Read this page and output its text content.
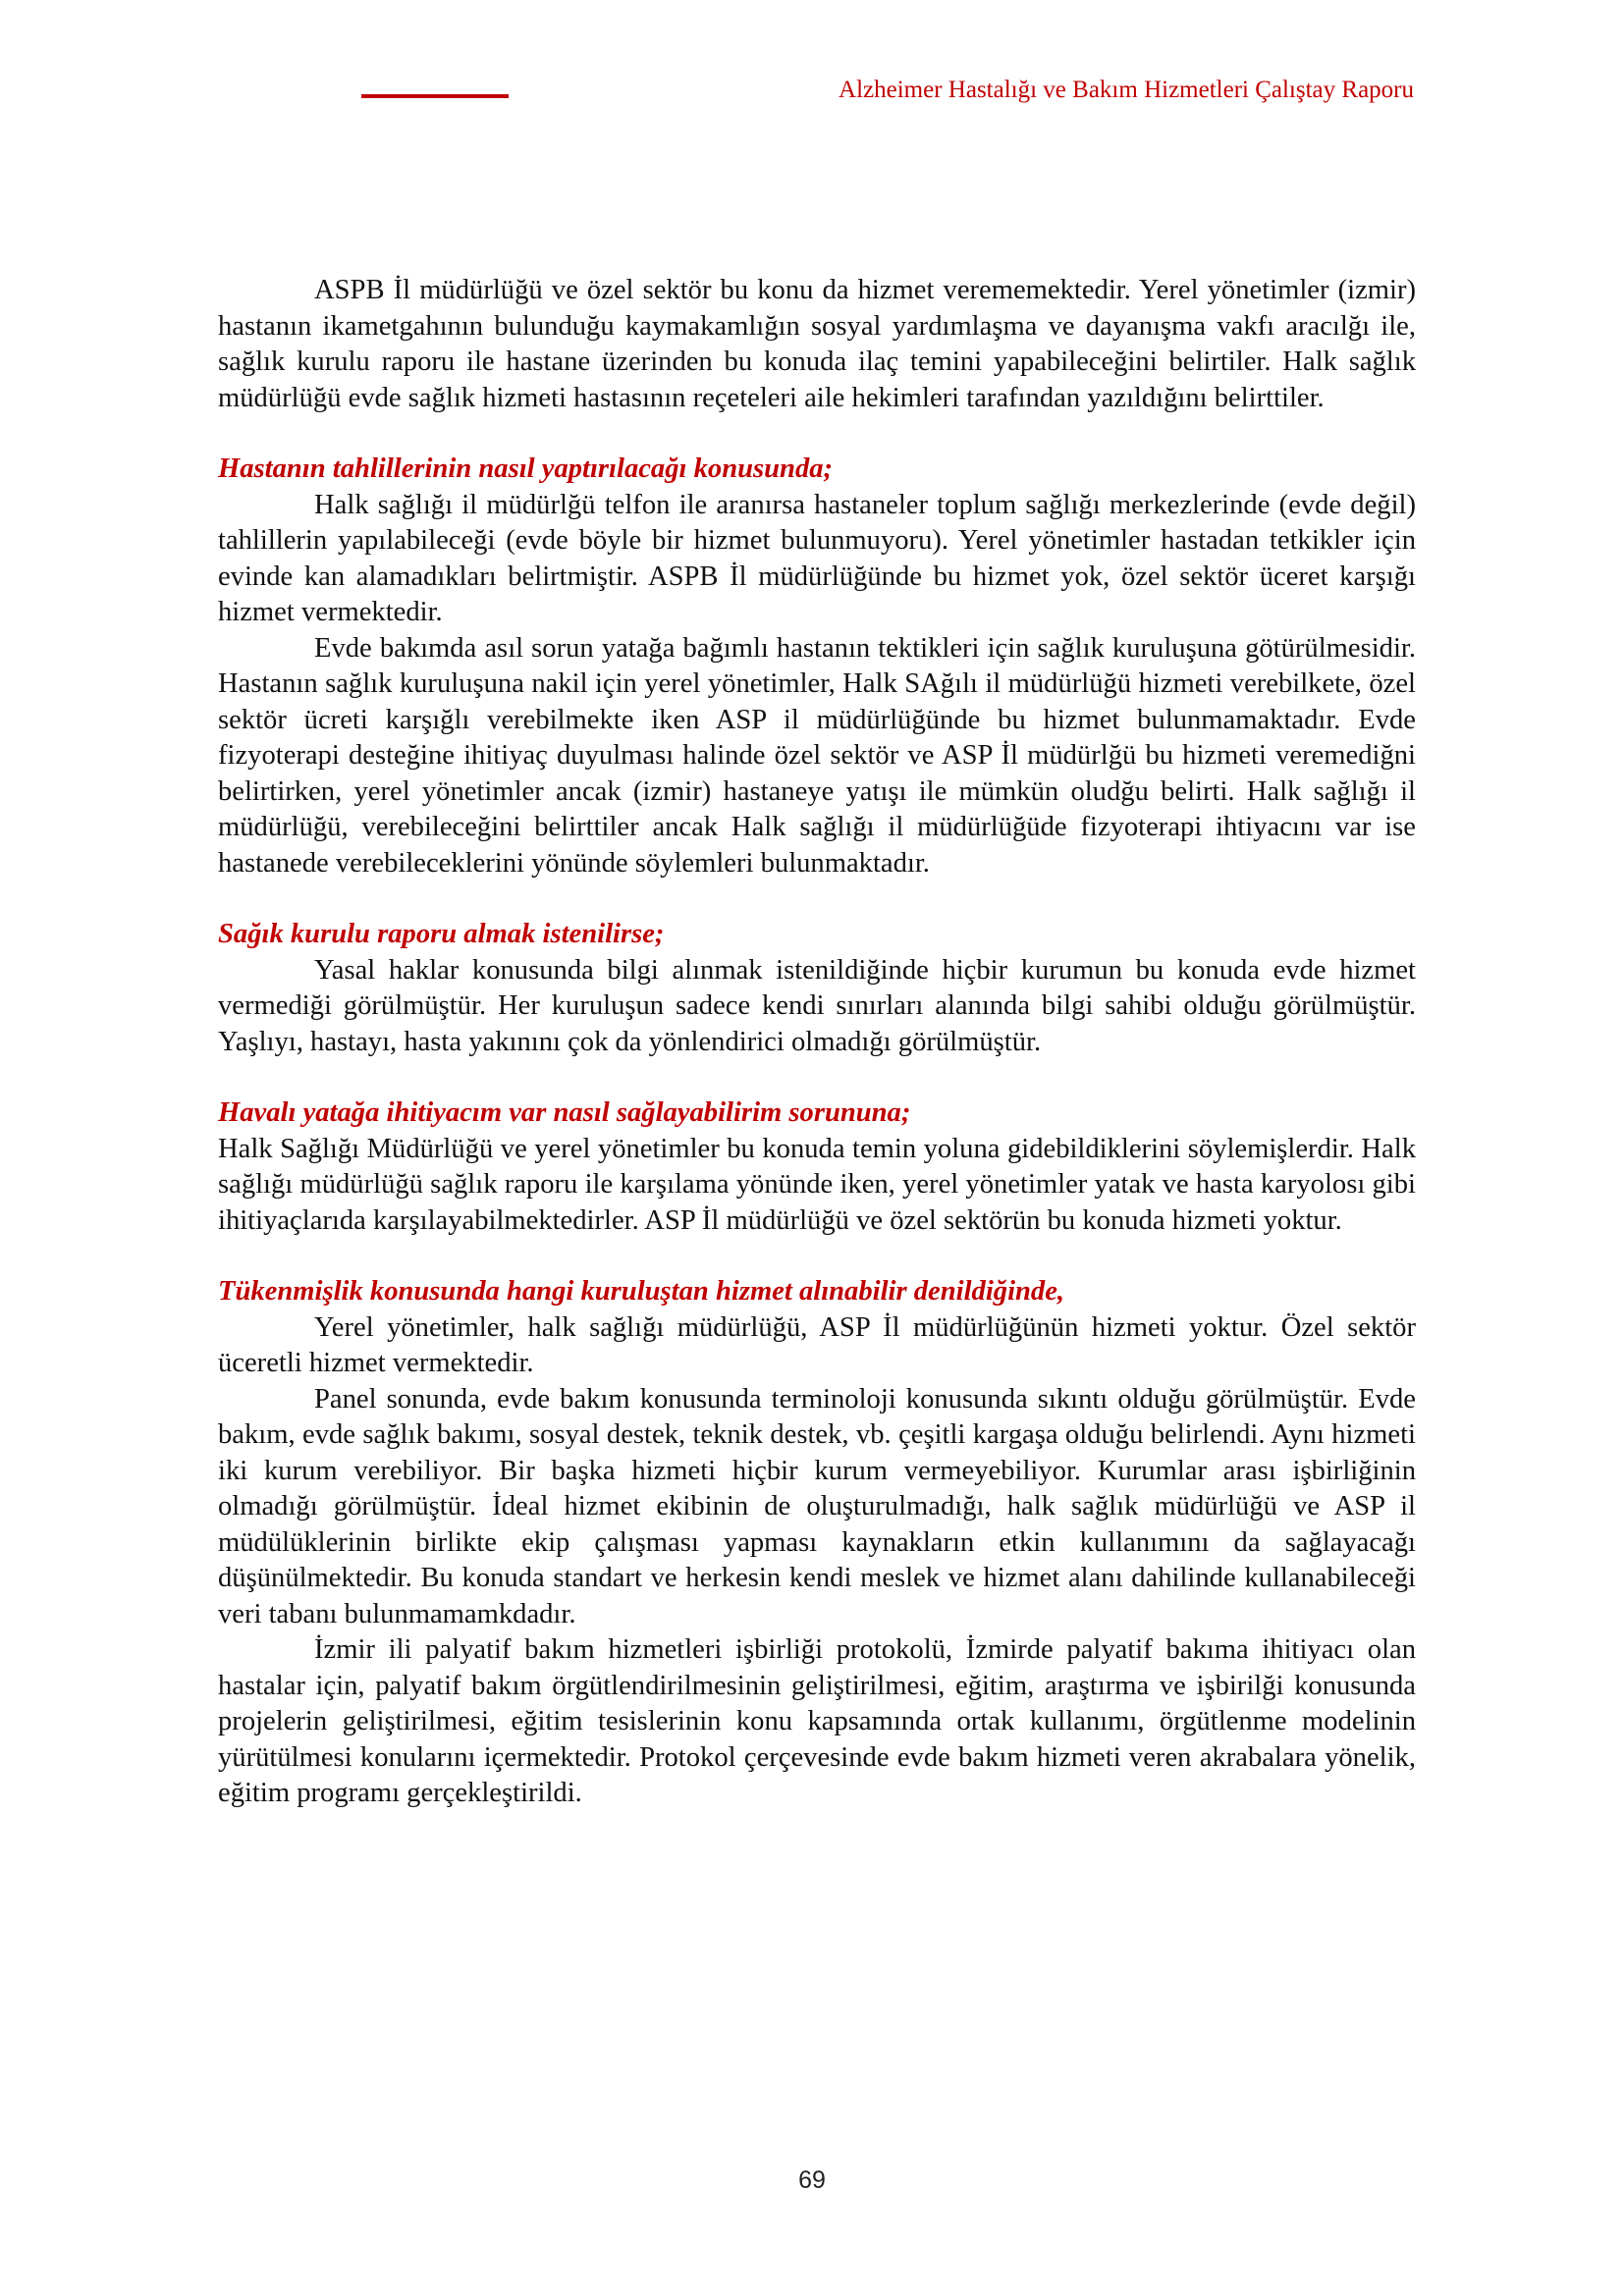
Alzheimer Hastalığı ve Bakım Hizmetleri Çalıştay Raporu

ASPB İl müdürlüğü ve özel sektör bu konu da hizmet verememektedir. Yerel yönetimler (izmir) hastanın ikametgahının bulunduğu kaymakamlığın sosyal yardımlaşma ve dayanışma vakfı aracılğı ile, sağlık kurulu raporu ile hastane üzerinden bu konuda ilaç temini yapabileceğini belirtiler. Halk sağlık müdürlüğü evde sağlık hizmeti hastasının reçeteleri aile hekimleri tarafından yazıldığını belirttiler.

Hastanın tahlillerinin nasıl yaptırılacağı konusunda;

Halk sağlığı il müdürlğü telfon ile aranırsa hastaneler toplum sağlığı merkezlerinde (evde değil) tahlillerin yapılabileceği (evde böyle bir hizmet bulunmuyoru). Yerel yönetimler hastadan tetkikler için evinde kan alamadıkları belirtmiştir. ASPB İl müdürlüğünde bu hizmet yok, özel sektör üceret karşığı hizmet vermektedir.

Evde bakımda asıl sorun yatağa bağımlı hastanın tektikleri için sağlık kuruluşuna götürülmesidir. Hastanın sağlık kuruluşuna nakil için yerel yönetimler, Halk SAğılı il müdürlüğü hizmeti verebilkete, özel sektör ücreti karşığlı verebilmekte iken ASP il müdürlüğünde bu hizmet bulunmamaktadır. Evde fizyoterapi desteğine ihitiyaç duyulması halinde özel sektör ve ASP İl müdürlğü bu hizmeti veremediğni belirtirken, yerel yönetimler ancak (izmir) hastaneye yatışı ile mümkün oludğu belirti. Halk sağlığı il müdürlüğü, verebileceğini belirttiler ancak Halk sağlığı il müdürlüğüde fizyoterapi ihtiyacını var ise hastanede verebileceklerini yönünde söylemleri bulunmaktadır.

Sağık kurulu raporu almak istenilirse;

Yasal haklar konusunda bilgi alınmak istenildiğinde hiçbir kurumun bu konuda evde hizmet vermediği görülmüştür. Her kuruluşun sadece kendi sınırları alanında bilgi sahibi olduğu görülmüştür. Yaşlıyı, hastayı, hasta yakınını çok da yönlendirici olmadığı görülmüştür.

Havalı yatağa ihitiyacım var nasıl sağlayabilirim sorununa;

Halk Sağlığı Müdürlüğü ve yerel yönetimler bu konuda temin yoluna gidebildiklerini söylemişlerdir. Halk sağlığı müdürlüğü sağlık raporu ile karşılama yönünde iken, yerel yönetimler yatak ve hasta karyolosı gibi ihitiyaçlarıda karşılayabilmektedirler. ASP İl müdürlüğü ve özel sektörün bu konuda hizmeti yoktur.

Tükenmişlik konusunda hangi kuruluştan hizmet alınabilir denildiğinde,

Yerel yönetimler, halk sağlığı müdürlüğü, ASP İl müdürlüğünün hizmeti yoktur. Özel sektör üceretli hizmet vermektedir.

Panel sonunda, evde bakım konusunda terminoloji konusunda sıkıntı olduğu görülmüştür. Evde bakım, evde sağlık bakımı, sosyal destek, teknik destek, vb. çeşitli kargaşa olduğu belirlendi. Aynı hizmeti iki kurum verebiliyor. Bir başka hizmeti hiçbir kurum vermeyebiliyor. Kurumlar arası işbirliğinin olmadığı görülmüştür. İdeal hizmet ekibinin de oluşturulmadığı, halk sağlık müdürlüğü ve ASP il müdülüklerinin birlikte ekip çalışması yapması kaynakların etkin kullanımını da sağlayacağı düşünülmektedir. Bu konuda standart ve herkesin kendi meslek ve hizmet alanı dahilinde kullanabileceği veri tabanı bulunmamamkdadır.

İzmir ili palyatif bakım hizmetleri işbirliği protokolü, İzmirde palyatif bakıma ihitiyacı olan hastalar için, palyatif bakım örgütlendirilmesinin geliştirilmesi, eğitim, araştırma ve işbirilği konusunda projelerin geliştirilmesi, eğitim tesislerinin konu kapsamında ortak kullanımı, örgütlenme modelinin yürütülmesi konularını içermektedir. Protokol çerçevesinde evde bakım hizmeti veren akrabalara yönelik, eğitim programı gerçekleştirildi.

69
